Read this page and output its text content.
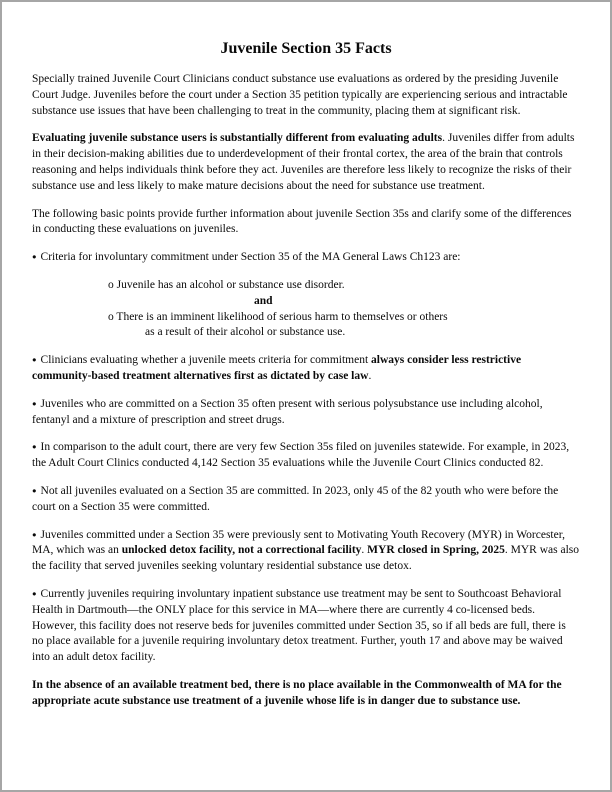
Juvenile Section 35 Facts

Specially trained Juvenile Court Clinicians conduct substance use evaluations as ordered by the presiding Juvenile Court Judge. Juveniles before the court under a Section 35 petition typically are experiencing serious and intractable substance use issues that have been challenging to treat in the community, placing them at significant risk.

Evaluating juvenile substance users is substantially different from evaluating adults. Juveniles differ from adults in their decision-making abilities due to underdevelopment of their frontal cortex, the area of the brain that controls reasoning and helps individuals think before they act. Juveniles are therefore less likely to recognize the risks of their substance use and less likely to make mature decisions about the need for substance use treatment.

The following basic points provide further information about juvenile Section 35s and clarify some of the differences in conducting these evaluations on juveniles.

● Criteria for involuntary commitment under Section 35 of the MA General Laws Ch123 are:

o Juvenile has an alcohol or substance use disorder.
and
o There is an imminent likelihood of serious harm to themselves or others
as a result of their alcohol or substance use.

● Clinicians evaluating whether a juvenile meets criteria for commitment always consider less restrictive community-based treatment alternatives first as dictated by case law.

● Juveniles who are committed on a Section 35 often present with serious polysubstance use including alcohol, fentanyl and a mixture of prescription and street drugs.

● In comparison to the adult court, there are very few Section 35s filed on juveniles statewide. For example, in 2023, the Adult Court Clinics conducted 4,142 Section 35 evaluations while the Juvenile Court Clinics conducted 82.

● Not all juveniles evaluated on a Section 35 are committed. In 2023, only 45 of the 82 youth who were before the court on a Section 35 were committed.

● Juveniles committed under a Section 35 were previously sent to Motivating Youth Recovery (MYR) in Worcester, MA, which was an unlocked detox facility, not a correctional facility. MYR closed in Spring, 2025. MYR was also the facility that served juveniles seeking voluntary residential substance use detox.

● Currently juveniles requiring involuntary inpatient substance use treatment may be sent to Southcoast Behavioral Health in Dartmouth—the ONLY place for this service in MA—where there are currently 4 co-licensed beds.  However, this facility does not reserve beds for juveniles committed under Section 35, so if all beds are full, there is no place available for a juvenile requiring involuntary detox treatment. Further, youth 17 and above may be waived into an adult detox facility.

In the absence of an available treatment bed, there is no place available in the Commonwealth of MA for the appropriate acute substance use treatment of a juvenile whose life is in danger due to substance use.
